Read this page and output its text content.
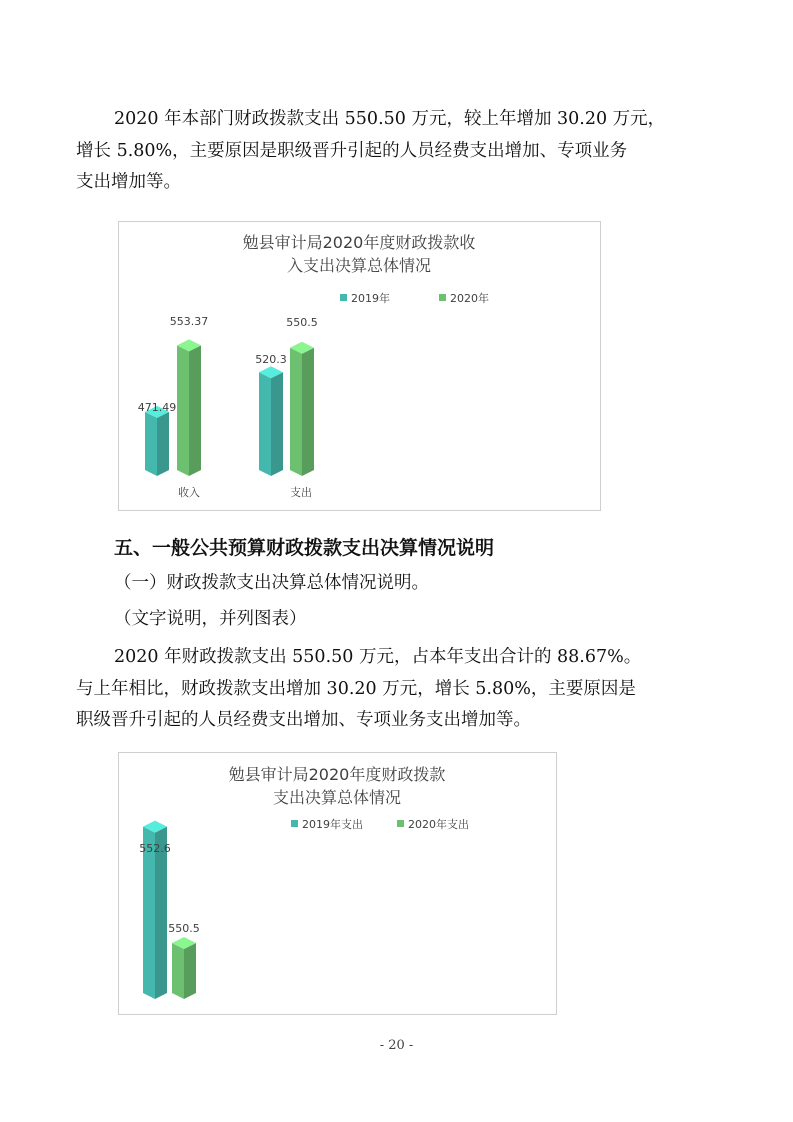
2020 年本部门财政拨款支出 550.50 万元，较上年增加 30.20 万元，
增长 5.80%，主要原因是职级晋升引起的人员经费支出增加、专项业务
支出增加等。
勉县审计局2020年度财政拨款收
入支出决算总体情况
2019年	2020年
471.49
553.37
520.3
550.5
收入	支出
五、一般公共预算财政拨款支出决算情况说明
（一）财政拨款支出决算总体情况说明。
（文字说明，并列图表）
2020 年财政拨款支出 550.50 万元，占本年支出合计的 88.67%。
与上年相比，财政拨款支出增加 30.20 万元，增长 5.80%，主要原因是
职级晋升引起的人员经费支出增加、专项业务支出增加等。
勉县审计局2020年度财政拨款
支出决算总体情况
2019年支出	2020年支出
552.6
550.5
- 20 -
